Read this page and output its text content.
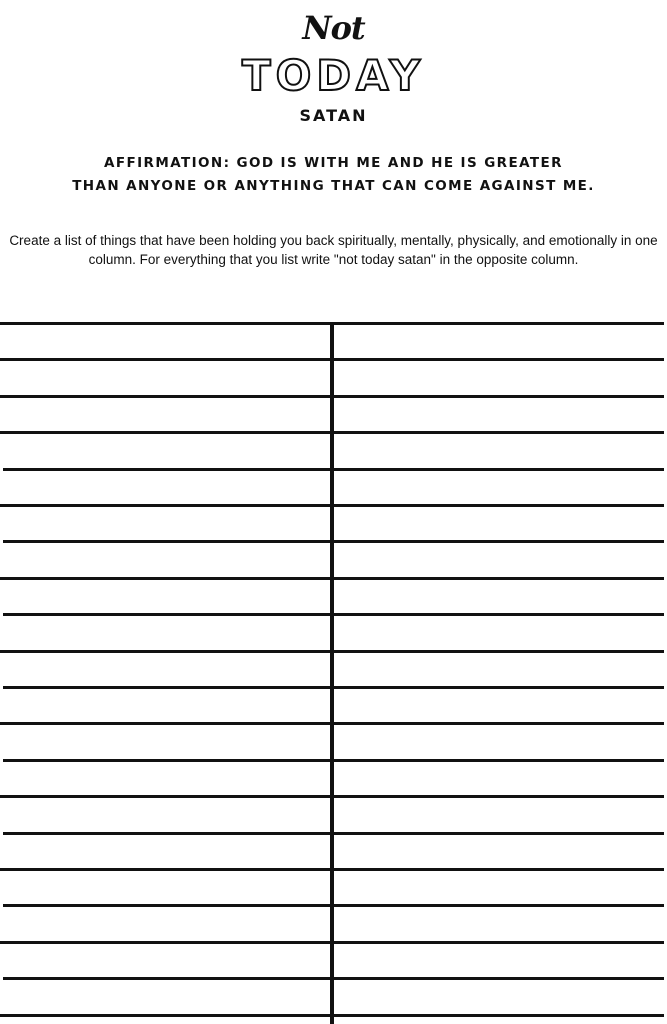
Not
TODAY
SATAN
AFFIRMATION: GOD IS WITH ME AND HE IS GREATER
THAN ANYONE OR ANYTHING THAT CAN COME AGAINST ME.
Create a list of things that have been holding you back spiritually, mentally, physically, and emotionally in one column. For everything that you list write "not today satan" in the opposite column.
